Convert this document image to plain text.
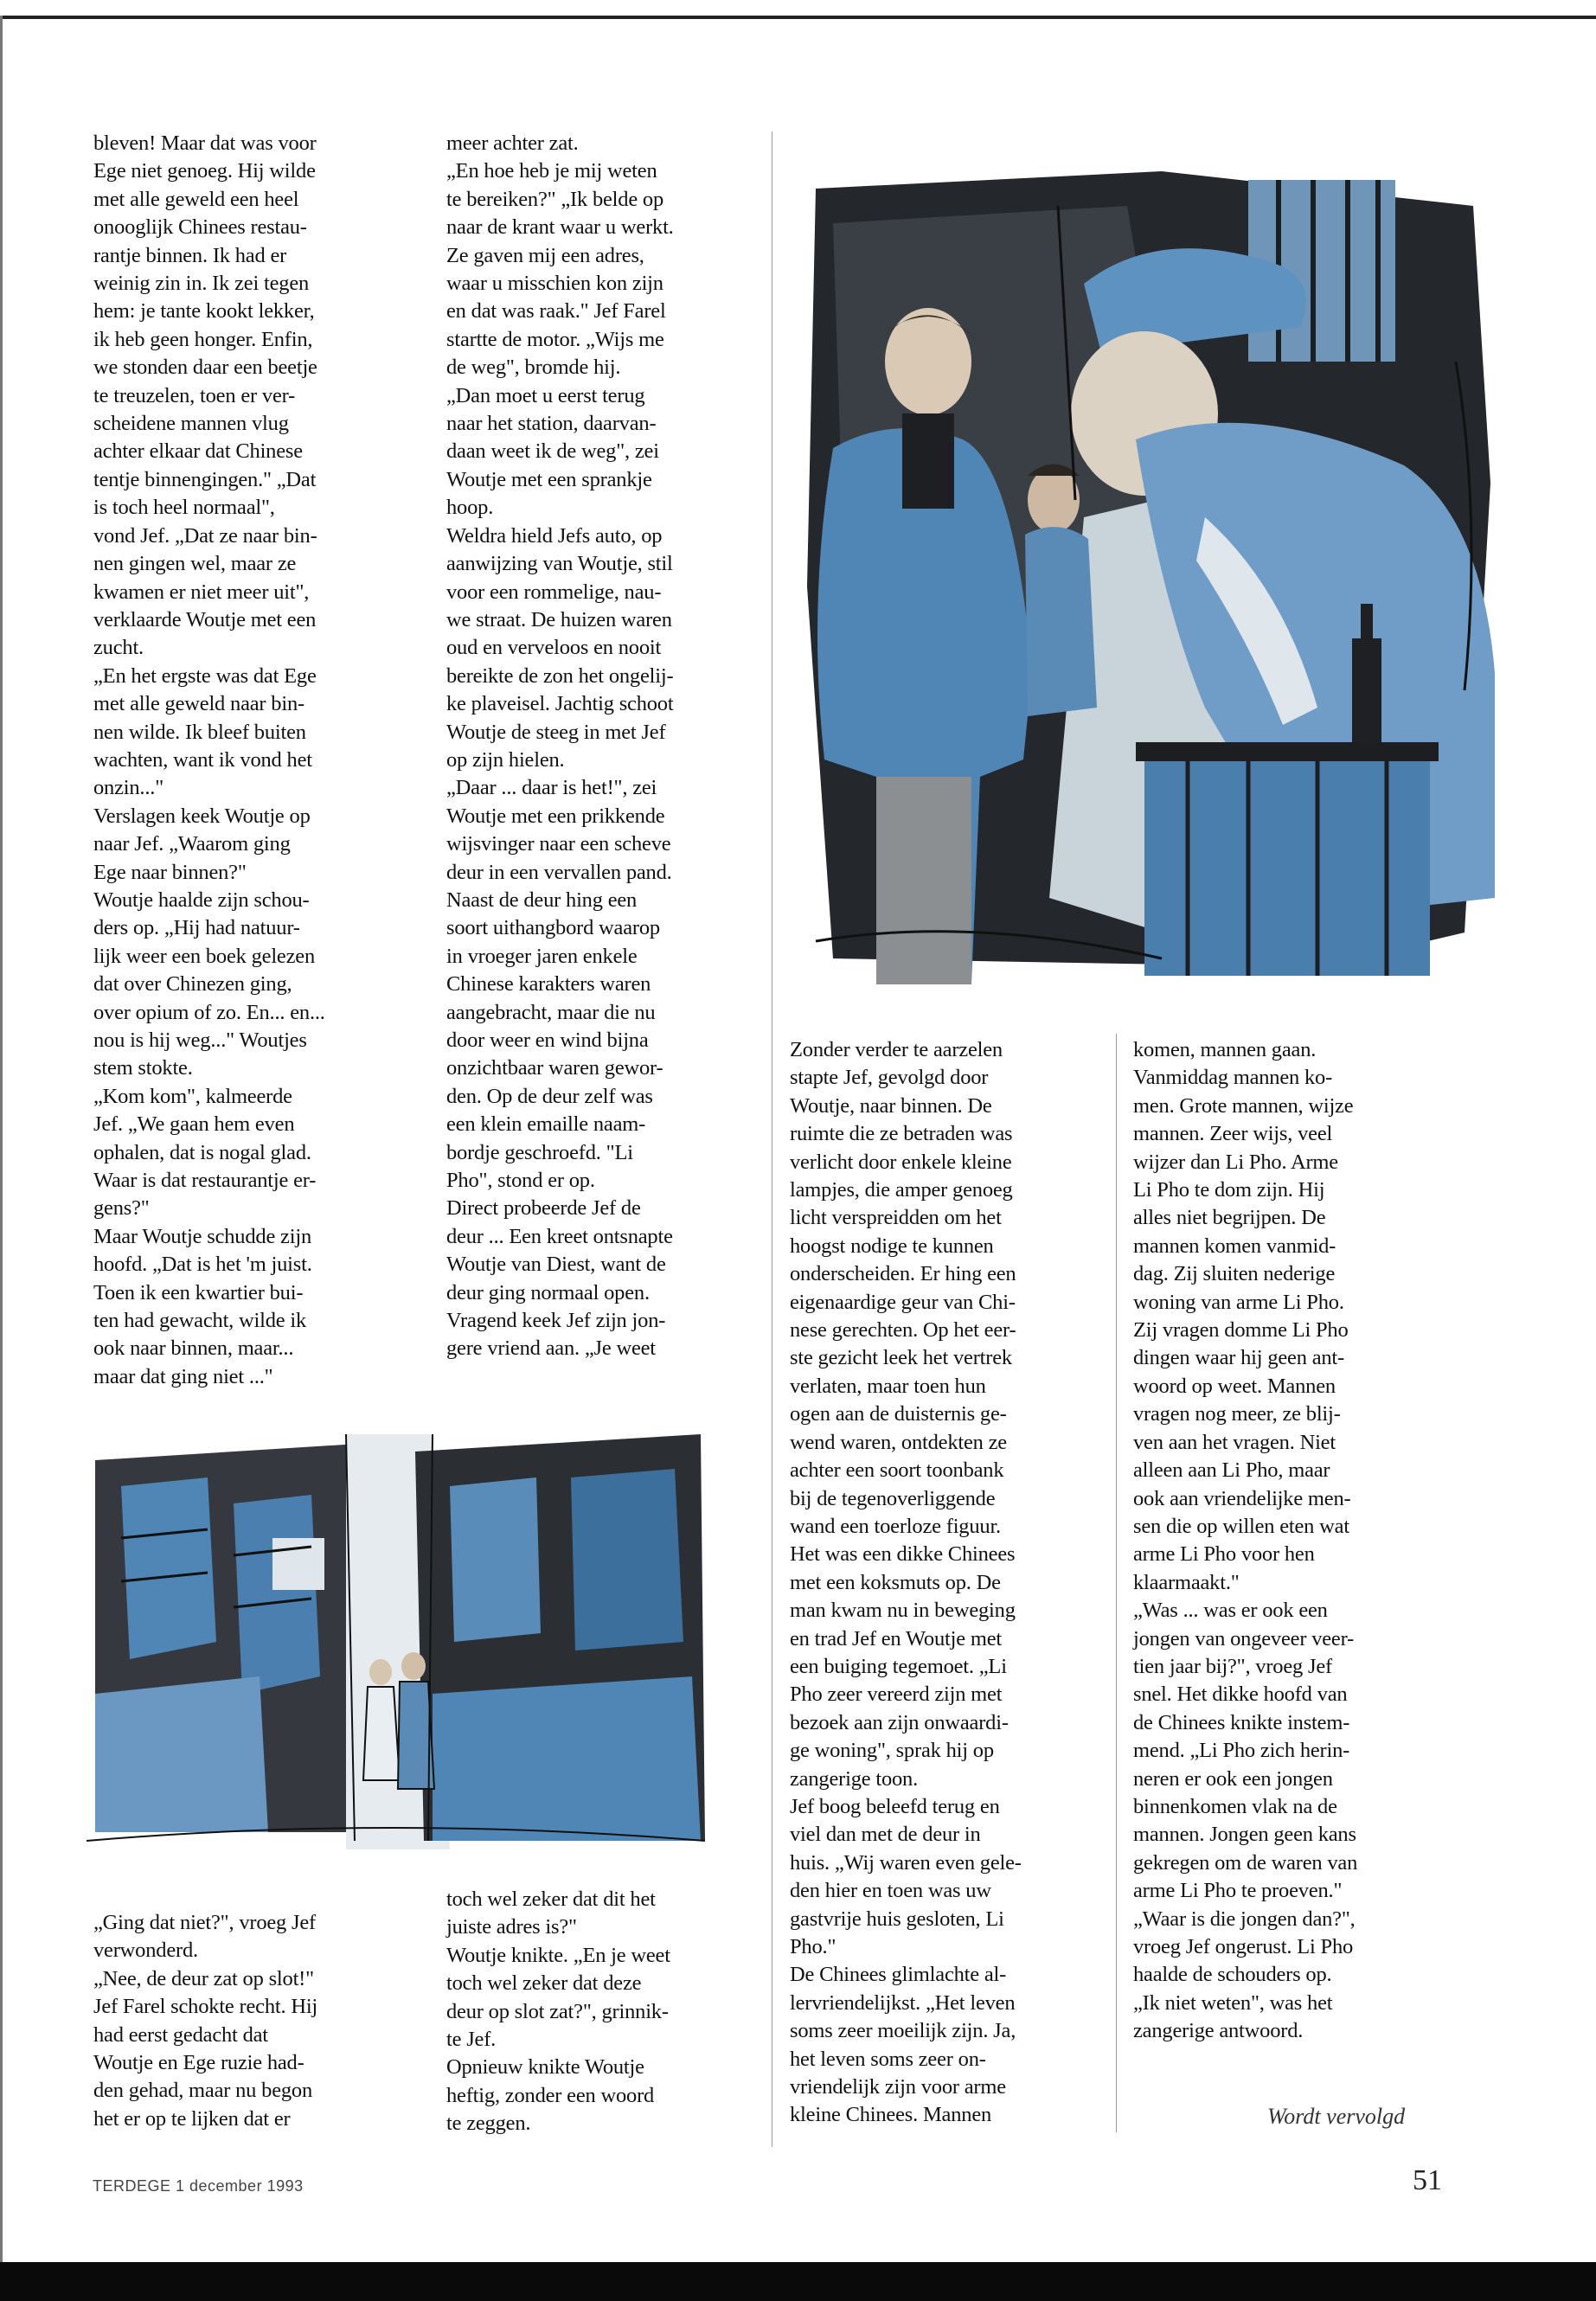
bleven! Maar dat was voor
Ege niet genoeg. Hij wilde
met alle geweld een heel
onooglijk Chinees restau-
rantje binnen. Ik had er
weinig zin in. Ik zei tegen
hem: je tante kookt lekker,
ik heb geen honger. Enfin,
we stonden daar een beetje
te treuzelen, toen er ver-
scheidene mannen vlug
achter elkaar dat Chinese
tentje binnengingen." „Dat
is toch heel normaal",
vond Jef. „Dat ze naar bin-
nen gingen wel, maar ze
kwamen er niet meer uit",
verklaarde Woutje met een
zucht.
„En het ergste was dat Ege
met alle geweld naar bin-
nen wilde. Ik bleef buiten
wachten, want ik vond het
onzin..."
Verslagen keek Woutje op
naar Jef. „Waarom ging
Ege naar binnen?"
Woutje haalde zijn schou-
ders op. „Hij had natuur-
lijk weer een boek gelezen
dat over Chinezen ging,
over opium of zo. En... en...
nou is hij weg..." Woutjes
stem stokte.
„Kom kom", kalmeerde
Jef. „We gaan hem even
ophalen, dat is nogal glad.
Waar is dat restaurantje er-
gens?"
Maar Woutje schudde zijn
hoofd. „Dat is het 'm juist.
Toen ik een kwartier bui-
ten had gewacht, wilde ik
ook naar binnen, maar...
maar dat ging niet ..."
meer achter zat.
„En hoe heb je mij weten
te bereiken?" „Ik belde op
naar de krant waar u werkt.
Ze gaven mij een adres,
waar u misschien kon zijn
en dat was raak." Jef Farel
startte de motor. „Wijs me
de weg", bromde hij.
„Dan moet u eerst terug
naar het station, daarvan-
daan weet ik de weg", zei
Woutje met een sprankje
hoop.
Weldra hield Jefs auto, op
aanwijzing van Woutje, stil
voor een rommelige, nau-
we straat. De huizen waren
oud en verveloos en nooit
bereikte de zon het ongelij-
ke plaveisel. Jachtig schoot
Woutje de steeg in met Jef
op zijn hielen.
„Daar ... daar is het!", zei
Woutje met een prikkende
wijsvinger naar een scheve
deur in een vervallen pand.
Naast de deur hing een
soort uithangbord waarop
in vroeger jaren enkele
Chinese karakters waren
aangebracht, maar die nu
door weer en wind bijna
onzichtbaar waren gewor-
den. Op de deur zelf was
een klein emaille naam-
bordje geschroefd. "Li
Pho", stond er op.
Direct probeerde Jef de
deur ... Een kreet ontsnapte
Woutje van Diest, want de
deur ging normaal open.
Vragend keek Jef zijn jon-
gere vriend aan. „Je weet
„Ging dat niet?", vroeg Jef
verwonderd.
„Nee, de deur zat op slot!"
Jef Farel schokte recht. Hij
had eerst gedacht dat
Woutje en Ege ruzie had-
den gehad, maar nu begon
het er op te lijken dat er
toch wel zeker dat dit het
juiste adres is?"
Woutje knikte. „En je weet
toch wel zeker dat deze
deur op slot zat?", grinnik-
te Jef.
Opnieuw knikte Woutje
heftig, zonder een woord
te zeggen.
Zonder verder te aarzelen
stapte Jef, gevolgd door
Woutje, naar binnen. De
ruimte die ze betraden was
verlicht door enkele kleine
lampjes, die amper genoeg
licht verspreidden om het
hoogst nodige te kunnen
onderscheiden. Er hing een
eigenaardige geur van Chi-
nese gerechten. Op het eer-
ste gezicht leek het vertrek
verlaten, maar toen hun
ogen aan de duisternis ge-
wend waren, ontdekten ze
achter een soort toonbank
bij de tegenoverliggende
wand een toerloze figuur.
Het was een dikke Chinees
met een koksmuts op. De
man kwam nu in beweging
en trad Jef en Woutje met
een buiging tegemoet. „Li
Pho zeer vereerd zijn met
bezoek aan zijn onwaardi-
ge woning", sprak hij op
zangerige toon.
Jef boog beleefd terug en
viel dan met de deur in
huis. „Wij waren even gele-
den hier en toen was uw
gastvrije huis gesloten, Li
Pho."
De Chinees glimlachte al-
lervriendelijkst. „Het leven
soms zeer moeilijk zijn. Ja,
het leven soms zeer on-
vriendelijk zijn voor arme
kleine Chinees. Mannen
komen, mannen gaan.
Vanmiddag mannen ko-
men. Grote mannen, wijze
mannen. Zeer wijs, veel
wijzer dan Li Pho. Arme
Li Pho te dom zijn. Hij
alles niet begrijpen. De
mannen komen vanmid-
dag. Zij sluiten nederige
woning van arme Li Pho.
Zij vragen domme Li Pho
dingen waar hij geen ant-
woord op weet. Mannen
vragen nog meer, ze blij-
ven aan het vragen. Niet
alleen aan Li Pho, maar
ook aan vriendelijke men-
sen die op willen eten wat
arme Li Pho voor hen
klaarmaakt."
„Was ... was er ook een
jongen van ongeveer veer-
tien jaar bij?", vroeg Jef
snel. Het dikke hoofd van
de Chinees knikte instem-
mend. „Li Pho zich herin-
neren er ook een jongen
binnenkomen vlak na de
mannen. Jongen geen kans
gekregen om de waren van
arme Li Pho te proeven."
„Waar is die jongen dan?",
vroeg Jef ongerust. Li Pho
haalde de schouders op.
„Ik niet weten", was het
zangerige antwoord.
Wordt vervolgd
TERDEGE 1 december 1993	51
